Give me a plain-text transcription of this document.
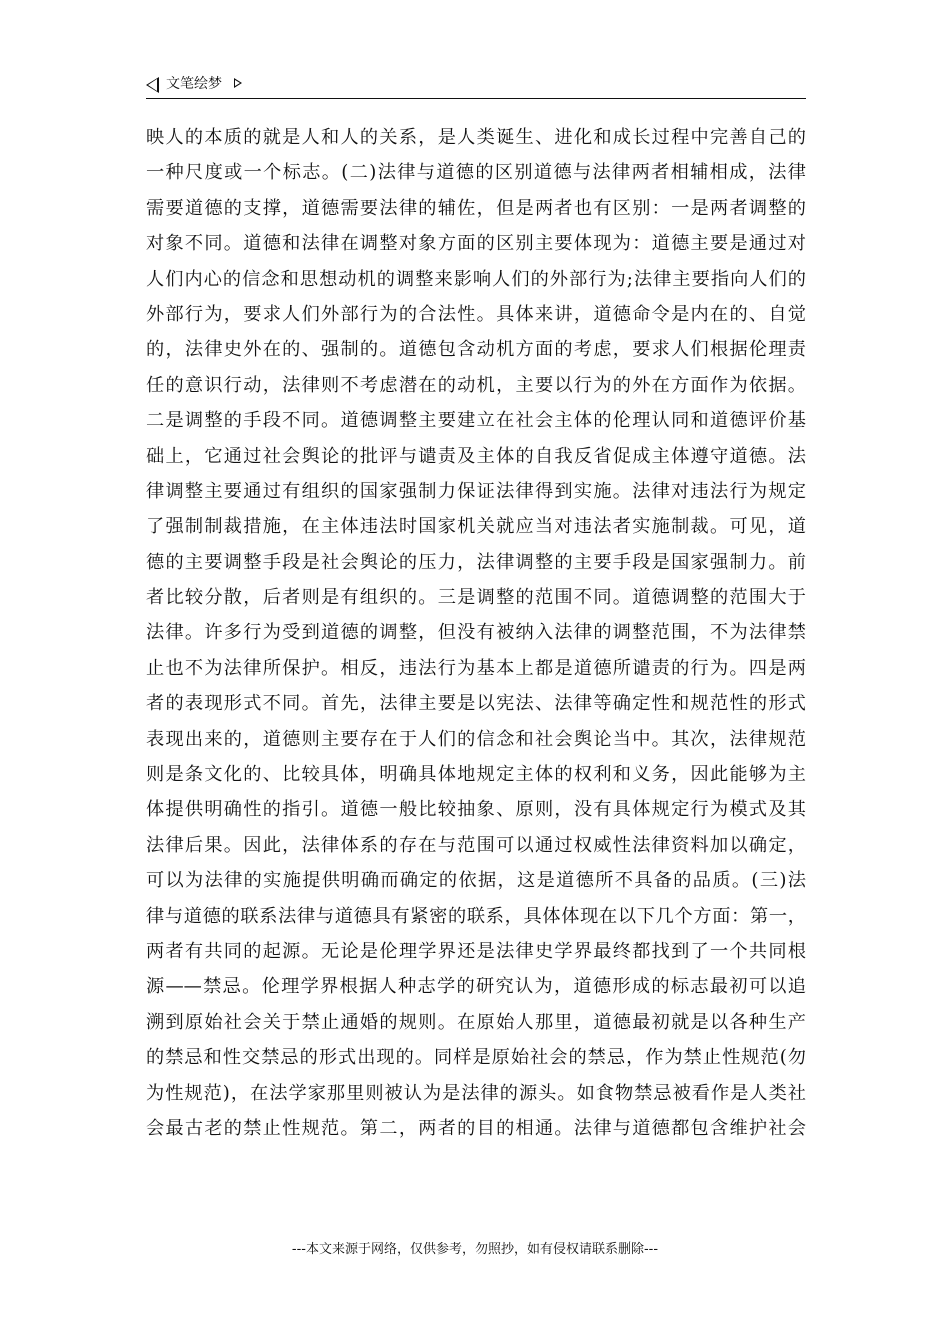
文笔绘梦
映人的本质的就是人和人的关系，是人类诞生、进化和成长过程中完善自己的
一种尺度或一个标志。(二)法律与道德的区别道德与法律两者相辅相成，法律
需要道德的支撑，道德需要法律的辅佐，但是两者也有区别：一是两者调整的
对象不同。道德和法律在调整对象方面的区别主要体现为：道德主要是通过对
人们内心的信念和思想动机的调整来影响人们的外部行为;法律主要指向人们的
外部行为，要求人们外部行为的合法性。具体来讲，道德命令是内在的、自觉
的，法律史外在的、强制的。道德包含动机方面的考虑，要求人们根据伦理责
任的意识行动，法律则不考虑潜在的动机，主要以行为的外在方面作为依据。
二是调整的手段不同。道德调整主要建立在社会主体的伦理认同和道德评价基
础上，它通过社会舆论的批评与谴责及主体的自我反省促成主体遵守道德。法
律调整主要通过有组织的国家强制力保证法律得到实施。法律对违法行为规定
了强制制裁措施，在主体违法时国家机关就应当对违法者实施制裁。可见，道
德的主要调整手段是社会舆论的压力，法律调整的主要手段是国家强制力。前
者比较分散，后者则是有组织的。三是调整的范围不同。道德调整的范围大于
法律。许多行为受到道德的调整，但没有被纳入法律的调整范围，不为法律禁
止也不为法律所保护。相反，违法行为基本上都是道德所谴责的行为。四是两
者的表现形式不同。首先，法律主要是以宪法、法律等确定性和规范性的形式
表现出来的，道德则主要存在于人们的信念和社会舆论当中。其次，法律规范
则是条文化的、比较具体，明确具体地规定主体的权利和义务，因此能够为主
体提供明确性的指引。道德一般比较抽象、原则，没有具体规定行为模式及其
法律后果。因此，法律体系的存在与范围可以通过权威性法律资料加以确定，
可以为法律的实施提供明确而确定的依据，这是道德所不具备的品质。(三)法
律与道德的联系法律与道德具有紧密的联系，具体体现在以下几个方面：第一，
两者有共同的起源。无论是伦理学界还是法律史学界最终都找到了一个共同根
源——禁忌。伦理学界根据人种志学的研究认为，道德形成的标志最初可以追
溯到原始社会关于禁止通婚的规则。在原始人那里，道德最初就是以各种生产
的禁忌和性交禁忌的形式出现的。同样是原始社会的禁忌，作为禁止性规范(勿
为性规范)，在法学家那里则被认为是法律的源头。如食物禁忌被看作是人类社
会最古老的禁止性规范。第二，两者的目的相通。法律与道德都包含维护社会
---本文来源于网络，仅供参考，勿照抄，如有侵权请联系删除---
